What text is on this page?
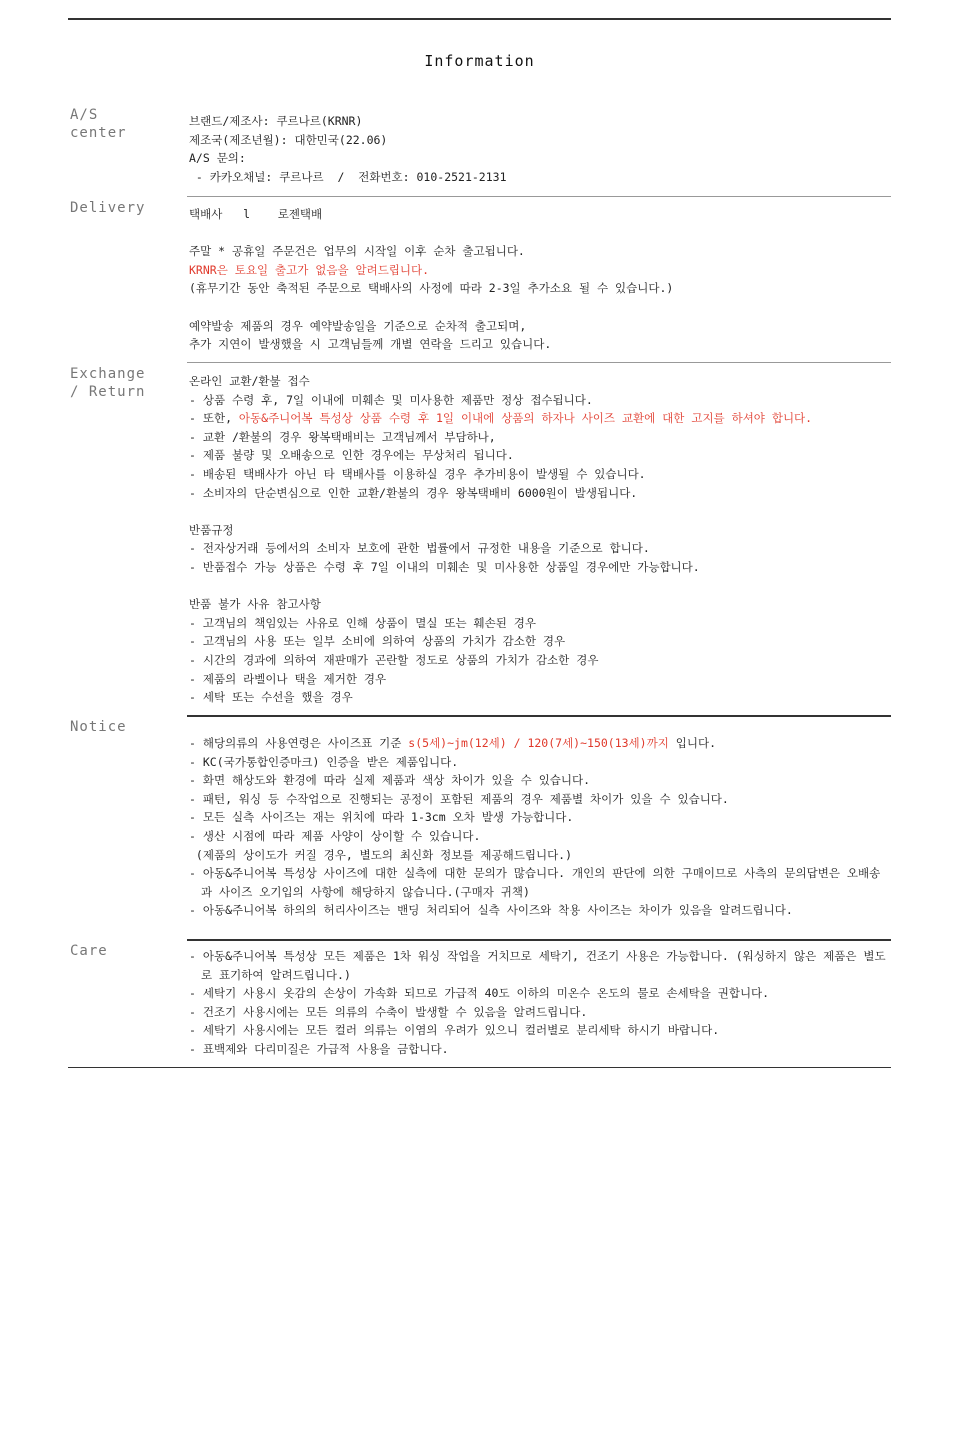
Information
A/S
center
브랜드/제조사: 쿠르나르(KRNR)
제조국(제조년월): 대한민국(22.06)
A/S 문의:
- 카카오채널: 쿠르나르  /  전화번호: 010-2521-2131
Delivery	택배사   l    로젠택배
주말 * 공휴일 주문건은 업무의 시작일 이후 순차 출고됩니다.
KRNR은 토요일 출고가 없음을 알려드립니다.
(휴무기간 동안 축적된 주문으로 택배사의 사정에 따라 2-3일 추가소요 될 수 있습니다.)
예약발송 제품의 경우 예약발송일을 기준으로 순차적 출고되며,
추가 지연이 발생했을 시 고객님들께 개별 연락을 드리고 있습니다.
Exchange
/ Return
온라인 교환/환불 접수
- 상품 수령 후, 7일 이내에 미훼손 및 미사용한 제품만 정상 접수됩니다.
- 또한, 아동&주니어복 특성상 상품 수령 후 1일 이내에 상품의 하자나 사이즈 교환에 대한 고지를 하셔야 합니다.
- 교환 /환불의 경우 왕복택배비는 고객님께서 부담하나,
- 제품 불량 및 오배송으로 인한 경우에는 무상처리 됩니다.
- 배송된 택배사가 아닌 타 택배사를 이용하실 경우 추가비용이 발생될 수 있습니다.
- 소비자의 단순변심으로 인한 교환/환불의 경우 왕복택배비 6000원이 발생됩니다.
반품규정
- 전자상거래 등에서의 소비자 보호에 관한 법률에서 규정한 내용을 기준으로 합니다.
- 반품접수 가능 상품은 수령 후 7일 이내의 미훼손 및 미사용한 상품일 경우에만 가능합니다.
반품 불가 사유 참고사항
- 고객님의 책임있는 사유로 인해 상품이 멸실 또는 훼손된 경우
- 고객님의 사용 또는 일부 소비에 의하여 상품의 가치가 감소한 경우
- 시간의 경과에 의하여 재판매가 곤란할 정도로 상품의 가치가 감소한 경우
- 제품의 라벨이나 택을 제거한 경우
- 세탁 또는 수선을 했을 경우
Notice
- 해당의류의 사용연령은 사이즈표 기준 s(5세)~jm(12세) / 120(7세)~150(13세)까지 입니다.
- KC(국가통합인증마크) 인증을 받은 제품입니다.
- 화면 해상도와 환경에 따라 실제 제품과 색상 차이가 있을 수 있습니다.
- 패턴, 워싱 등 수작업으로 진행되는 공정이 포함된 제품의 경우 제품별 차이가 있을 수 있습니다.
- 모든 실측 사이즈는 재는 위치에 따라 1-3cm 오차 발생 가능합니다.
- 생산 시점에 따라 제품 사양이 상이할 수 있습니다.
(제품의 상이도가 커질 경우, 별도의 최신화 정보를 제공해드립니다.)
- 아동&주니어복 특성상 사이즈에 대한 실측에 대한 문의가 많습니다. 개인의 판단에 의한 구매이므로 사측의 문의답변은 오배송과 사이즈 오기입의 사항에 해당하지 않습니다.(구매자 귀책)
- 아동&주니어복 하의의 허리사이즈는 밴딩 처리되어 실측 사이즈와 착용 사이즈는 차이가 있음을 알려드립니다.
Care	- 아동&주니어복 특성상 모든 제품은 1차 워싱 작업을 거치므로 세탁기, 건조기 사용은 가능합니다. (워싱하지 않은 제품은 별도로 표기하여 알려드립니다.)
- 세탁기 사용시 옷감의 손상이 가속화 되므로 가급적 40도 이하의 미온수 온도의 물로 손세탁을 권합니다.
- 건조기 사용시에는 모든 의류의 수축이 발생할 수 있음을 알려드립니다.
- 세탁기 사용시에는 모든 컬러 의류는 이염의 우려가 있으니 컬러별로 분리세탁 하시기 바랍니다.
- 표백제와 다리미질은 가급적 사용을 금합니다.
